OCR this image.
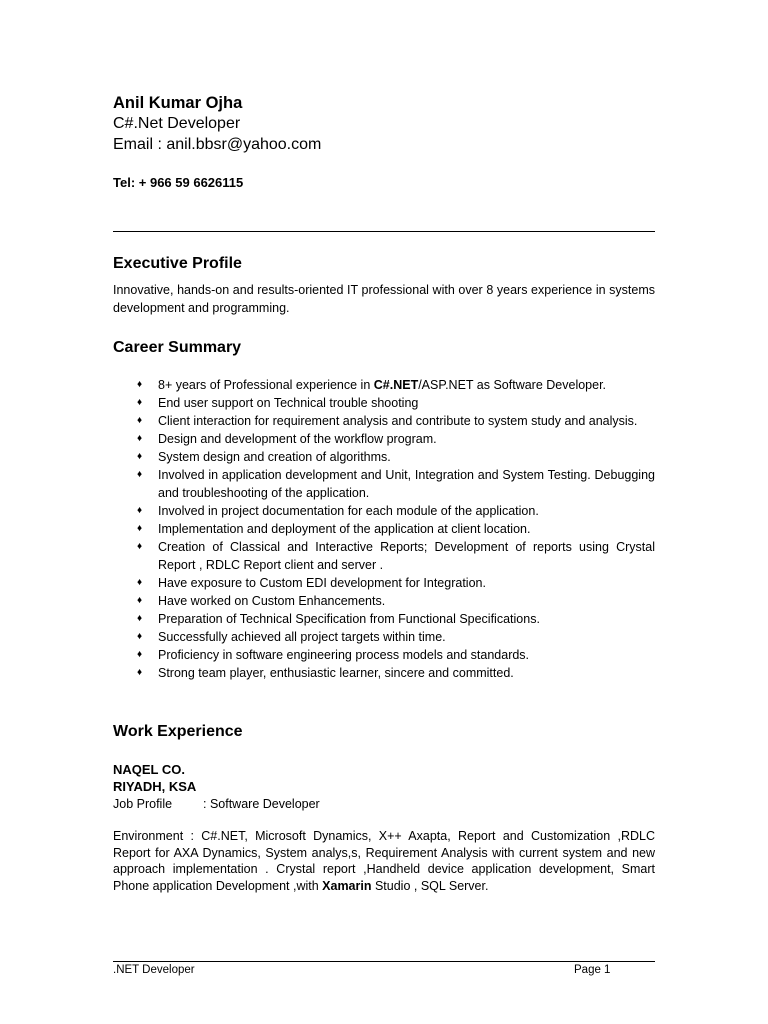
Anil Kumar Ojha
C#.Net Developer
Email : anil.bbsr@yahoo.com
Tel: + 966 59 6626115
Executive Profile

Innovative, hands-on and results-oriented IT professional with over 8 years experience in systems development and programming.

Career Summary
♦ 8+ years of Professional experience in C#.NET/ASP.NET as Software Developer.
♦ End user support on Technical trouble shooting
♦ Client interaction for requirement analysis and contribute to system study and analysis.
♦ Design and development of the workflow program.
♦ System design and creation of algorithms.
♦ Involved in application development and Unit, Integration and System Testing. Debugging and troubleshooting of the application.
♦ Involved in project documentation for each module of the application.
♦ Implementation and deployment of the application at client location.
♦ Creation of Classical and Interactive Reports; Development of reports using Crystal Report , RDLC Report client and server .
♦ Have exposure to Custom EDI development for Integration.
♦ Have worked on Custom Enhancements.
♦ Preparation of Technical Specification from Functional Specifications.
♦ Successfully achieved all project targets within time.
♦ Proficiency in software engineering process models and standards.
♦ Strong team player, enthusiastic learner, sincere and committed.
Work Experience
NAQEL CO.
RIYADH, KSA
Job Profile : Software Developer

Environment : C#.NET, Microsoft Dynamics, X++ Axapta, Report and Customization ,RDLC Report for AXA Dynamics, System analys,s, Requirement Analysis with current system and new approach implementation . Crystal report ,Handheld device application development, Smart Phone application Development ,with Xamarin Studio , SQL Server.

.NET Developer	Page 1
